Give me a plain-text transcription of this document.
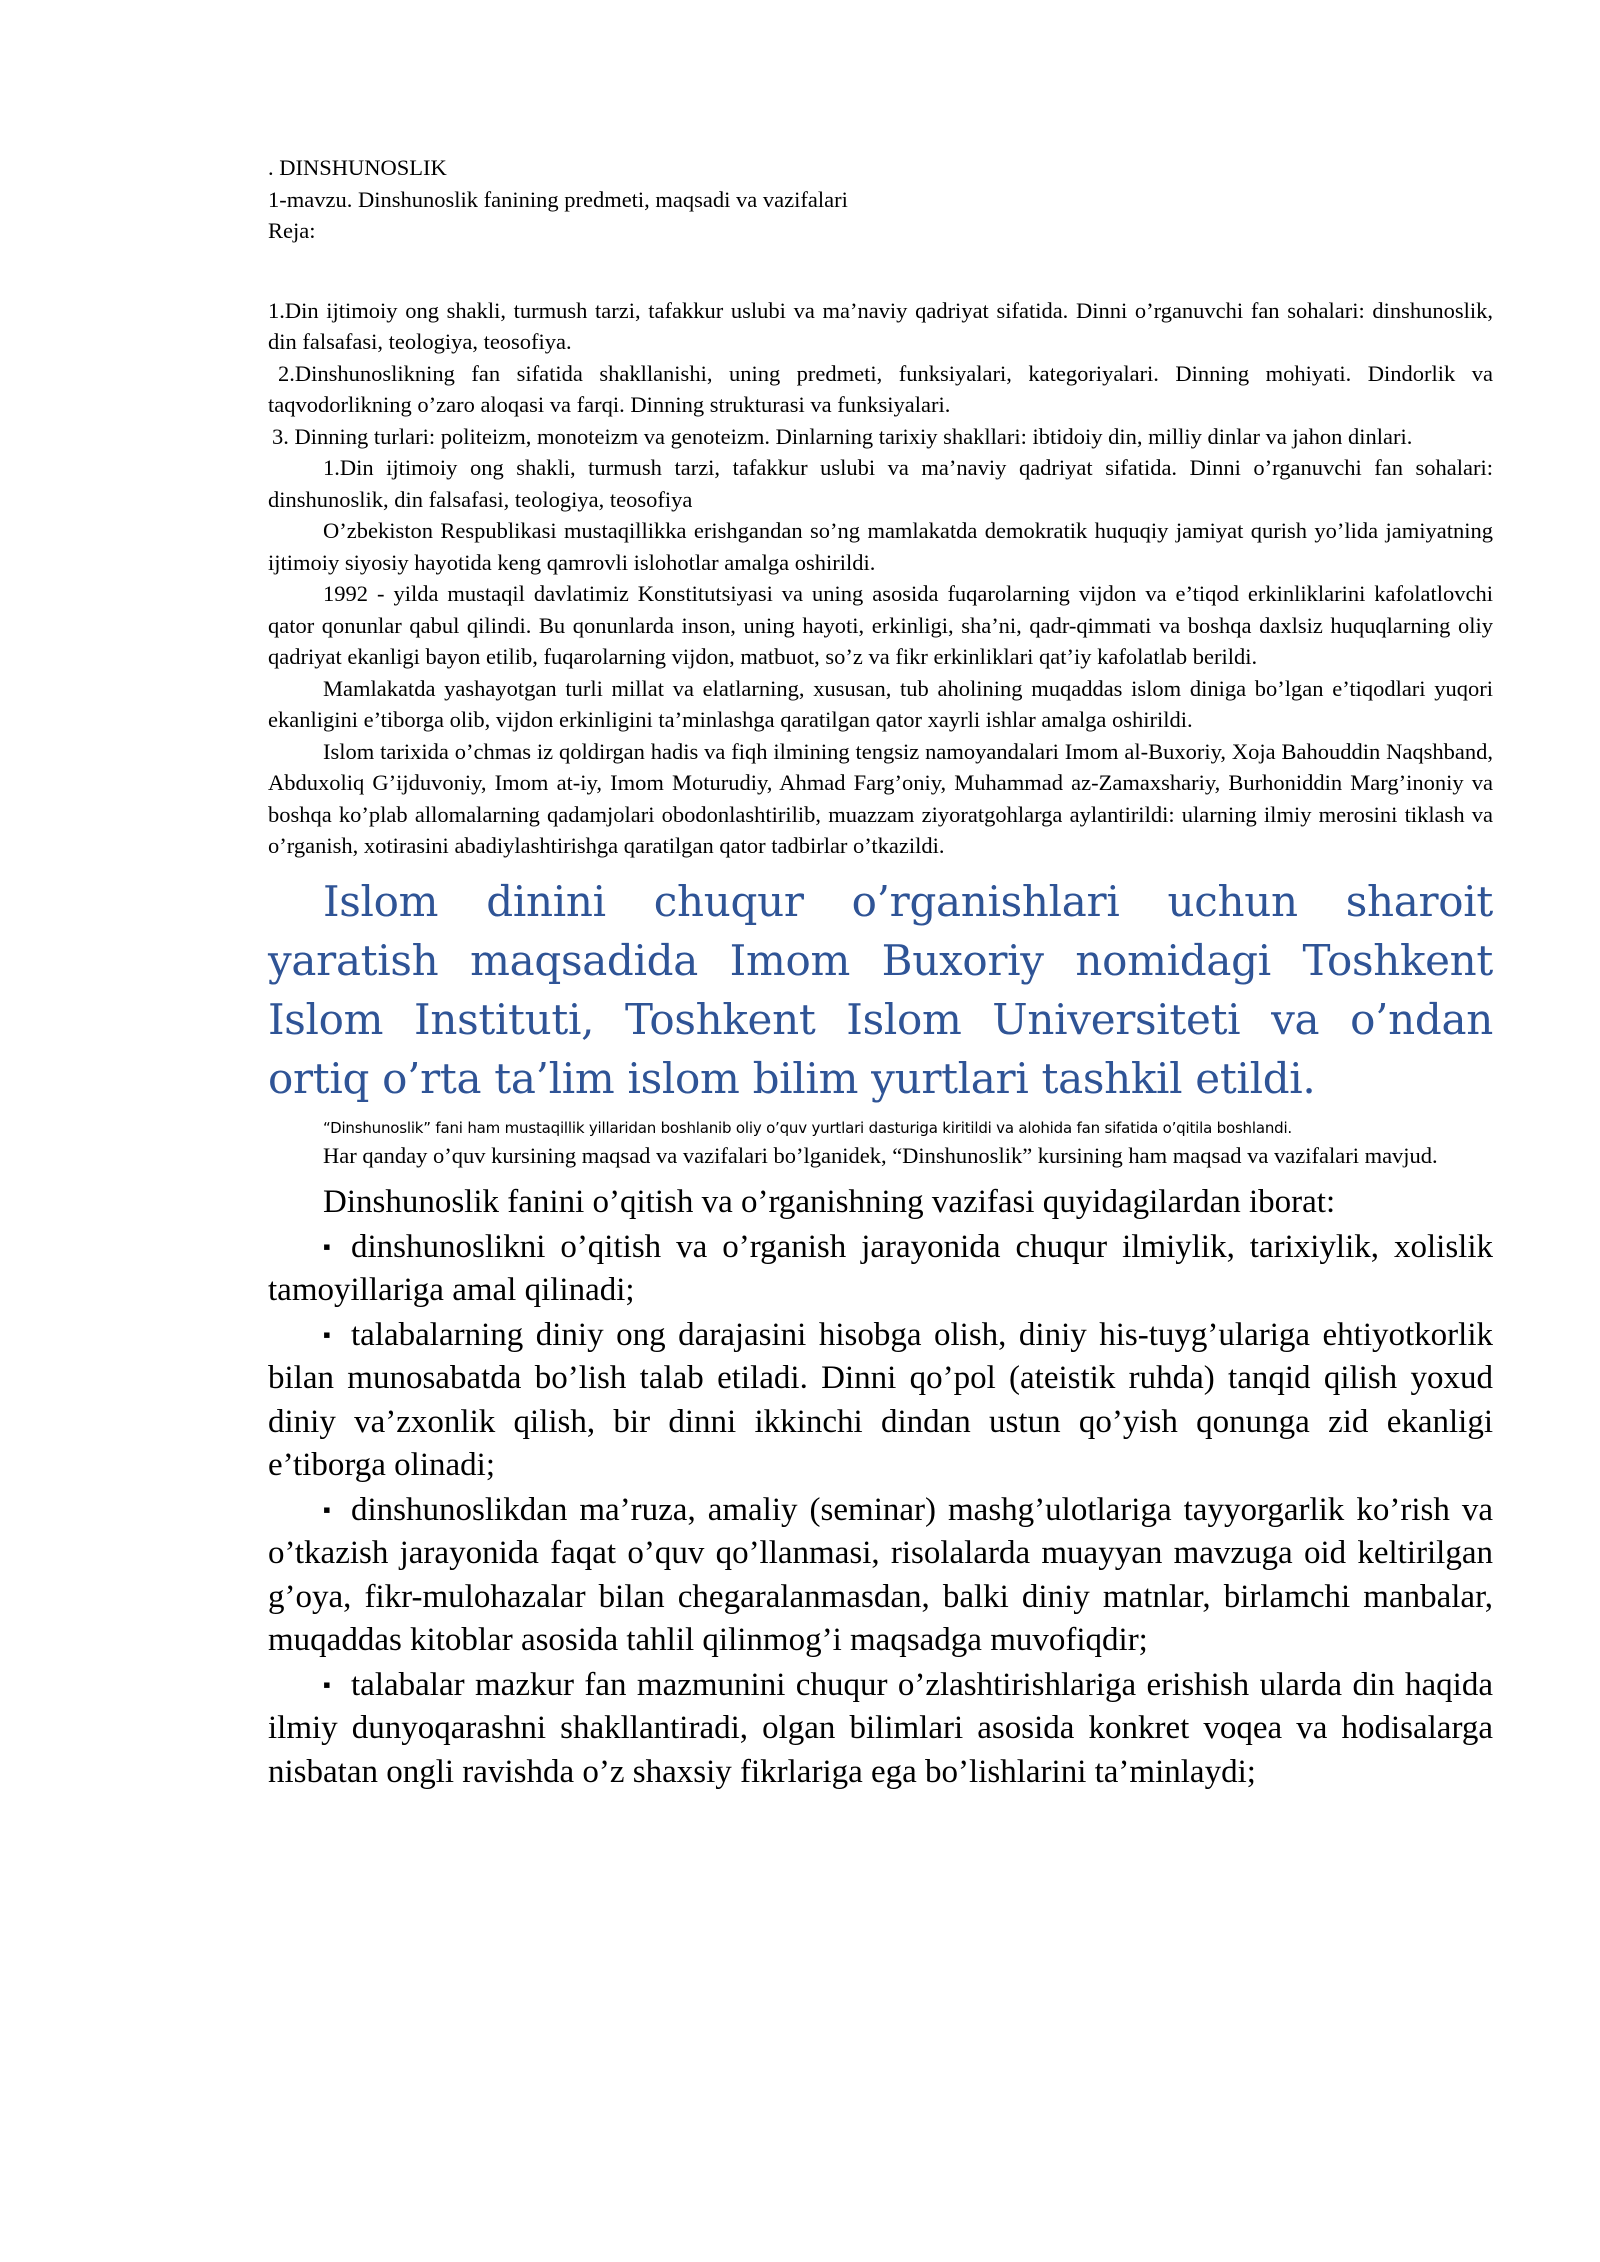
. DINSHUNOSLIK
1-mavzu. Dinshunoslik fanining predmeti, maqsadi va vazifalari
Reja:

1.Din ijtimoiy ong shakli, turmush tarzi, tafakkur uslubi va ma’naviy qadriyat sifatida. Dinni o’rganuvchi fan sohalari: dinshunoslik, din falsafasi, teologiya, teosofiya.

2.Dinshunoslikning fan sifatida shakllanishi, uning predmeti, funksiyalari, kategoriyalari. Dinning mohiyati. Dindorlik va taqvodorlikning o’zaro aloqasi va farqi. Dinning strukturasi va funksiyalari.

3. Dinning turlari: politeizm, monoteizm va genoteizm. Dinlarning tarixiy shakllari: ibtidoiy din, milliy dinlar va jahon dinlari.

1.Din ijtimoiy ong shakli, turmush tarzi, tafakkur uslubi va ma’naviy qadriyat sifatida. Dinni o’rganuvchi fan sohalari: dinshunoslik, din falsafasi, teologiya, teosofiya

O’zbekiston Respublikasi mustaqillikka erishgandan so’ng mamlakatda demokratik huquqiy jamiyat qurish yo’lida jamiyatning ijtimoiy siyosiy hayotida keng qamrovli islohotlar amalga oshirildi.

1992 - yilda mustaqil davlatimiz Konstitutsiyasi va uning asosida fuqarolarning vijdon va e’tiqod erkinliklarini kafolatlovchi qator qonunlar qabul qilindi. Bu qonunlarda inson, uning hayoti, erkinligi, sha’ni, qadr-qimmati va boshqa daxlsiz huquqlarning oliy qadriyat ekanligi bayon etilib, fuqarolarning vijdon, matbuot, so’z va fikr erkinliklari qat’iy kafolatlab berildi.

Mamlakatda yashayotgan turli millat va elatlarning, xususan, tub aholining muqaddas islom diniga bo’lgan e’tiqodlari yuqori ekanligini e’tiborga olib, vijdon erkinligini ta’minlashga qaratilgan qator xayrli ishlar amalga oshirildi.

Islom tarixida o’chmas iz qoldirgan hadis va fiqh ilmining tengsiz namoyandalari Imom al-Buxoriy, Xoja Bahouddin Naqshband, Abduxoliq G’ijduvoniy, Imom at-iy, Imom Moturudiy, Ahmad Farg’oniy, Muhammad az-Zamaxshariy, Burhoniddin Marg’inoniy va boshqa ko’plab allomalarning qadamjolari obodonlashtirilib, muazzam ziyoratgohlarga aylantirildi: ularning ilmiy merosini tiklash va o’rganish, xotirasini abadiylashtirishga qaratilgan qator tadbirlar o’tkazildi.

Islom dinini chuqur o’rganishlari uchun sharoit yaratish maqsadida Imom Buxoriy nomidagi Toshkent Islom Instituti, Toshkent Islom Universiteti va o’ndan ortiq o’rta ta’lim islom bilim yurtlari tashkil etildi.

“Dinshunoslik” fani ham mustaqillik yillaridan boshlanib oliy o’quv yurtlari dasturiga kiritildi va alohida fan sifatida o’qitila boshlandi.

Har qanday o’quv kursining maqsad va vazifalari bo’lganidek, “Dinshunoslik” kursining ham maqsad va vazifalari mavjud.

Dinshunoslik fanini o’qitish va o’rganishning vazifasi quyidagilardan iborat:

▪ dinshunoslikni o’qitish va o’rganish jarayonida chuqur ilmiylik, tarixiylik, xolislik tamoyillariga amal qilinadi;

▪ talabalarning diniy ong darajasini hisobga olish, diniy his-tuyg’ulariga ehtiyotkorlik bilan munosabatda bo’lish talab etiladi. Dinni qo’pol (ateistik ruhda) tanqid qilish yoxud diniy va’zxonlik qilish, bir dinni ikkinchi dindan ustun qo’yish qonunga zid ekanligi e’tiborga olinadi;

▪ dinshunoslikdan ma’ruza, amaliy (seminar) mashg’ulotlariga tayyorgarlik ko’rish va o’tkazish jarayonida faqat o’quv qo’llanmasi, risolalarda muayyan mavzuga oid keltirilgan g’oya, fikr-mulohazalar bilan chegaralanmasdan, balki diniy matnlar, birlamchi manbalar, muqaddas kitoblar asosida tahlil qilinmog’i maqsadga muvofiqdir;

▪ talabalar mazkur fan mazmunini chuqur o’zlashtirishlariga erishish ularda din haqida ilmiy dunyoqarashni shakllantiradi, olgan bilimlari asosida konkret voqea va hodisalarga nisbatan ongli ravishda o’z shaxsiy fikrlariga ega bo’lishlarini ta’minlaydi;
